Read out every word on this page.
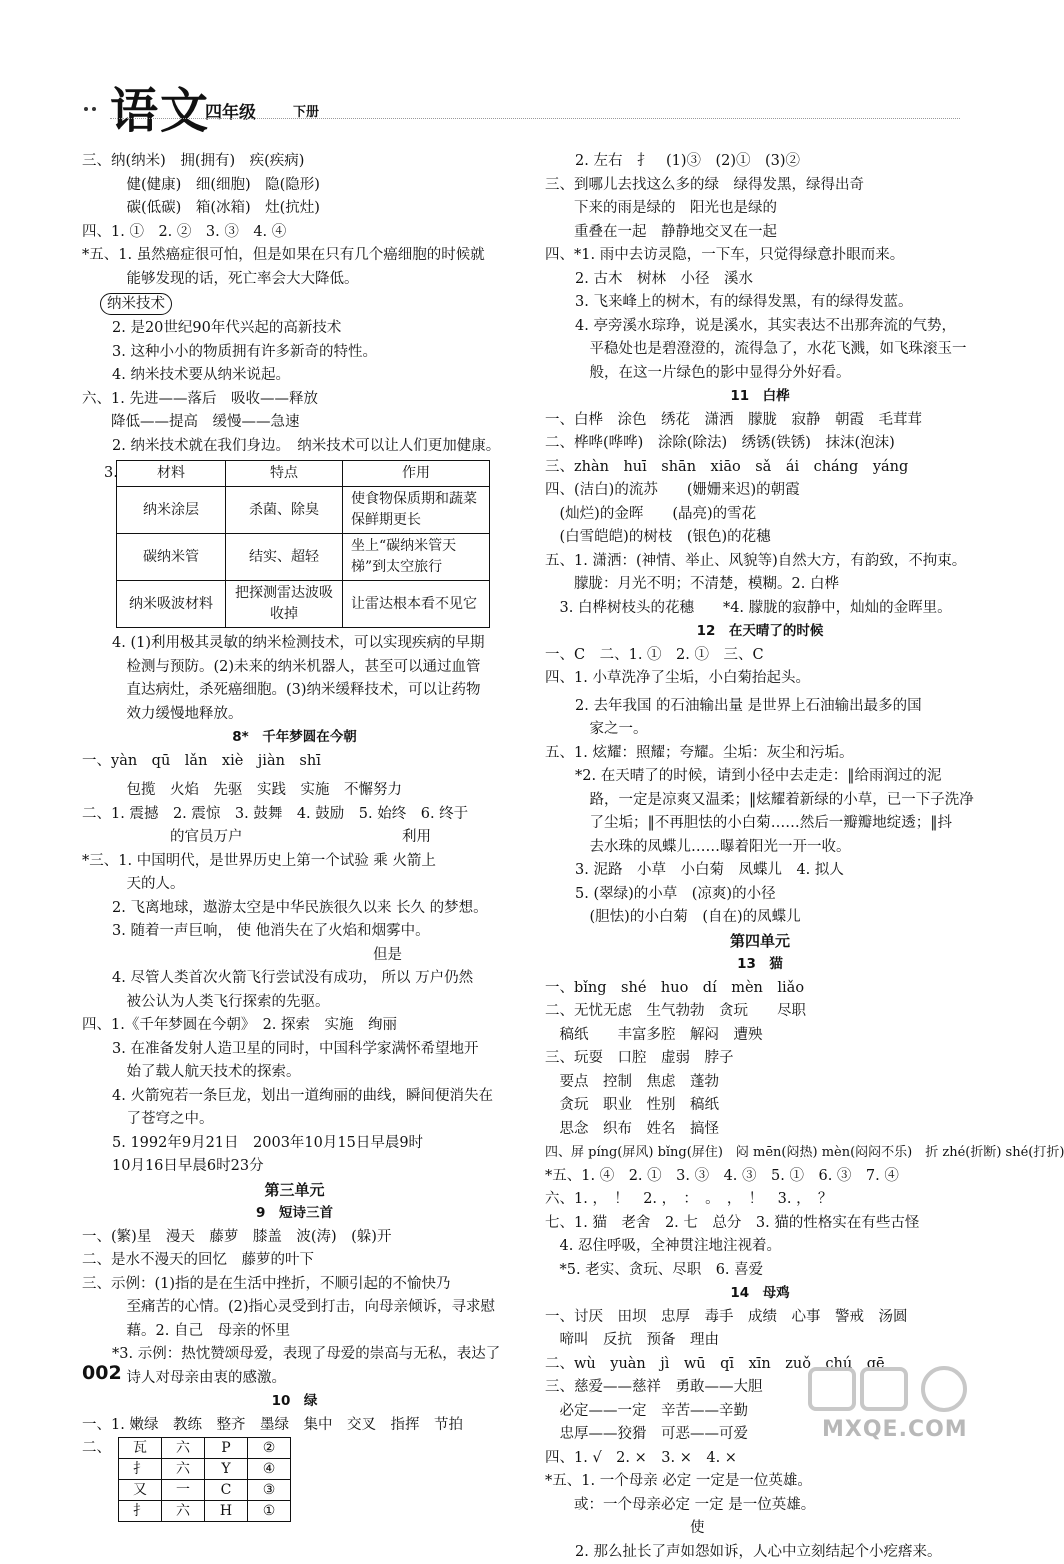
语文
四年级	下册

三、纳(纳米)　拥(拥有)　疾(疾病)

　健(健康)　细(细胞)　隐(隐形)

　碳(低碳)　箱(冰箱)　灶(抗灶)

四、1. ①　2. ②　3. ③　4. ④

*五、1. 虽然癌症很可怕，但是如果在只有几个癌细胞的时候就

　能够发现的话，死亡率会大大降低。

纳米技术

2. 是20世纪90年代兴起的高新技术

3. 这种小小的物质拥有许多新奇的特性。

4. 纳米技术要从纳米说起。

六、1. 先进——落后　吸收——释放

　　降低——提高　缓慢——急速

2. 纳米技术就在我们身边。　纳米技术可以让人们更加健康。

3.	材料	特点	作用
纳米涂层	杀菌、除臭	使食物保质期和蔬菜保鲜期更长
碳纳米管	结实、超轻	坐上“碳纳米管天梯”到太空旅行
纳米吸波材料	把探测雷达波吸收掉	让雷达根本看不见它

4. (1)利用极其灵敏的纳米检测技术，可以实现疾病的早期

　检测与预防。(2)未来的纳米机器人，甚至可以通过血管

　直达病灶，杀死癌细胞。(3)纳米缓释技术，可以让药物

　效力缓慢地释放。

8*　千年梦圆在今朝

一、yàn　qū　lǎn　xiè　jiàn　shī

　包揽　火焰　先驱　实践　实施　不懈努力

二、1. 震撼　2. 震惊　3. 鼓舞　4. 鼓励　5. 始终　6. 终于

　　　　的官员万户　　　　　　　　　　　利用

*三、1. 中国明代，是世界历史上第一个试验 乘 火箭上

　天的人。

2. 飞离地球，遨游太空是中华民族很久以来 长久 的梦想。

3. 随着一声巨响， 使 他消失在了火焰和烟雾中。

　　　　　　　　　　　　　　　　　　但是

4. 尽管人类首次火箭飞行尝试没有成功， 所以 万户仍然

　被公认为人类飞行探索的先驱。

四、1.《千年梦圆在今朝》　2. 探索　实施　绚丽

3. 在准备发射人造卫星的同时，中国科学家满怀希望地开

　始了载人航天技术的探索。

4. 火箭宛若一条巨龙，划出一道绚丽的曲线，瞬间便消失在

　了苍穹之中。

5. 1992年9月21日　2003年10月15日早晨9时

10月16日早晨6时23分

第三单元

9　短诗三首

一、(繁)星　漫天　藤萝　膝盖　波(涛)　(躲)开

二、是水不漫天的回忆　藤萝的叶下

三、示例：(1)指的是在生活中挫折，不顺引起的不愉快乃

　至痛苦的心情。(2)指心灵受到打击，向母亲倾诉，寻求慰

　藉。2. 自己　母亲的怀里

*3. 示例：热忱赞颂母爱，表现了母爱的崇高与无私，表达了

　诗人对母亲由衷的感激。

10　绿

一、1. 嫩绿　教练　整齐　墨绿　集中　交叉　指挥　节拍

二、 瓦	六	P	②
扌	六	Y	④
又	一	C	③
扌	六	H	①

2. 左右　扌　(1)③　(2)①　(3)②

三、到哪儿去找这么多的绿　绿得发黑，绿得出奇

　　下来的雨是绿的　阳光也是绿的

　　重叠在一起　静静地交叉在一起

四、*1. 雨中去访灵隐，一下车，只觉得绿意扑眼而来。

2. 古木　树林　小径　溪水

3. 飞来峰上的树木，有的绿得发黑，有的绿得发蓝。

4. 亭旁溪水琮琤，说是溪水，其实表达不出那奔流的气势，

　平稳处也是碧澄澄的，流得急了，水花飞溅，如飞珠滚玉一

　般，在这一片绿色的影中显得分外好看。

11　白桦

一、白桦　涂色　绣花　潇洒　朦胧　寂静　朝霞　毛茸茸

二、桦哗(哗哗)　涂除(除法)　绣锈(铁锈)　抹沫(泡沫)

三、zhàn　huī　shān　xiāo　sǎ　ái　cháng　yáng

四、(洁白)的流苏　　(姗姗来迟)的朝霞

　(灿烂)的金晖　　(晶亮)的雪花

　(白雪皑皑)的树枝　(银色)的花穗

五、1. 潇洒：(神情、举止、风貌等)自然大方，有韵致，不拘束。

　　朦胧：月光不明；不清楚，模糊。2. 白桦

　3. 白桦树枝头的花穗　　*4. 朦胧的寂静中，灿灿的金晖里。

12　在天晴了的时候

一、C　二、1. ①　2. ①　三、C

四、1. 小草洗净了尘垢，小白菊抬起头。

2. 去年我国 的石油输出量 是世界上石油输出最多的国

　家之一。

五、1. 炫耀：照耀；夸耀。尘垢：灰尘和污垢。

*2. 在天晴了的时候，请到小径中去走走：‖给雨润过的泥

　路，一定是凉爽又温柔；‖炫耀着新绿的小草，已一下子洗净

　了尘垢；‖不再胆怯的小白菊……然后一瓣瓣地绽透；‖抖

　去水珠的凤蝶儿……曝着阳光一开一收。

3. 泥路　小草　小白菊　凤蝶儿　4. 拟人

5. (翠绿)的小草　(凉爽)的小径

　(胆怯)的小白菊　(自在)的凤蝶儿

第四单元

13　猫

一、bǐng　shé　huo　dí　mèn　liǎo

二、无忧无虑　生气勃勃　贪玩　　尽职

　稿纸　　丰富多腔　解闷　遭殃

三、玩耍　口腔　虚弱　脖子

　要点　控制　焦虑　蓬勃

　贪玩　职业　性别　稿纸

　思念　织布　姓名　搞怪

四、屏 píng(屏风) bǐng(屏住)　闷 mēn(闷热) mèn(闷闷不乐)　折 zhé(折断) shé(打折)

*五、1. ④　2. ①　3. ③　4. ③　5. ①　6. ③　7. ④

六、1. ，　！　2. ，　：　。　，　！　3. ，　？

七、1. 猫　老舍　2. 七　总分　3. 猫的性格实在有些古怪

　4. 忍住呼吸，全神贯注地注视着。

　*5. 老实、贪玩、尽职　6. 喜爱

14　母鸡

一、讨厌　田坝　忠厚　毒手　成绩　心事　警戒　汤圆

　啼叫　反抗　预备　理由

二、wù　yuàn　jì　wū　qī　xīn　zuǒ　chú　gē

三、慈爱——慈祥　勇敢——大胆

　必定——一定　辛苦——辛勤

　忠厚——狡猾　可恶——可爱

四、1. √　2. ×　3. ×　4. ×

*五、1. 一个母亲 必定 一定是一位英雄。

　　或：一个母亲必定 一定 是一位英雄。

　　　　　　　　　　使

2. 那么扯长了声如怨如诉，人心中立刻结起个小疙瘩来。

002
MXQE.COM
